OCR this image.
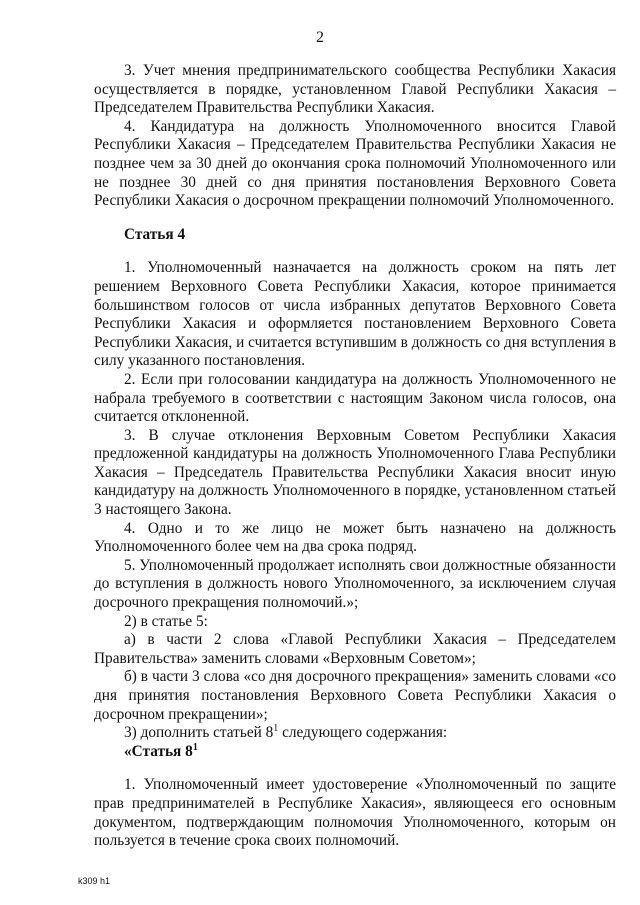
2

3. Учет мнения предпринимательского сообщества Республики Хакасия осуществляется в порядке, установленном Главой Республики Хакасия – Председателем Правительства Республики Хакасия.

4. Кандидатура на должность Уполномоченного вносится Главой Республики Хакасия – Председателем Правительства Республики Хакасия не позднее чем за 30 дней до окончания срока полномочий Уполномоченного или не позднее 30 дней со дня принятия постановления Верховного Совета Республики Хакасия о досрочном прекращении полномочий Уполномоченного.

Статья 4

1. Уполномоченный назначается на должность сроком на пять лет решением Верховного Совета Республики Хакасия, которое принимается большинством голосов от числа избранных депутатов Верховного Совета Республики Хакасия и оформляется постановлением Верховного Совета Республики Хакасия, и считается вступившим в должность со дня вступления в силу указанного постановления.

2. Если при голосовании кандидатура на должность Уполномоченного не набрала требуемого в соответствии с настоящим Законом числа голосов, она считается отклоненной.

3. В случае отклонения Верховным Советом Республики Хакасия предложенной кандидатуры на должность Уполномоченного Глава Республики Хакасия – Председатель Правительства Республики Хакасия вносит иную кандидатуру на должность Уполномоченного в порядке, установленном статьей 3 настоящего Закона.

4. Одно и то же лицо не может быть назначено на должность Уполномоченного более чем на два срока подряд.

5. Уполномоченный продолжает исполнять свои должностные обязанности до вступления в должность нового Уполномоченного, за исключением случая досрочного прекращения полномочий.»;

2) в статье 5:

а) в части 2 слова «Главой Республики Хакасия – Председателем Правительства» заменить словами «Верховным Советом»;

б) в части 3 слова «со дня досрочного прекращения» заменить словами «со дня принятия постановления Верховного Совета Республики Хакасия о досрочном прекращении»;

3) дополнить статьей $8^1$ следующего содержания:

«Статья $8^1$

1. Уполномоченный имеет удостоверение «Уполномоченный по защите прав предпринимателей в Республике Хакасия», являющееся его основным документом, подтверждающим полномочия Уполномоченного, которым он пользуется в течение срока своих полномочий.

k309 h1
